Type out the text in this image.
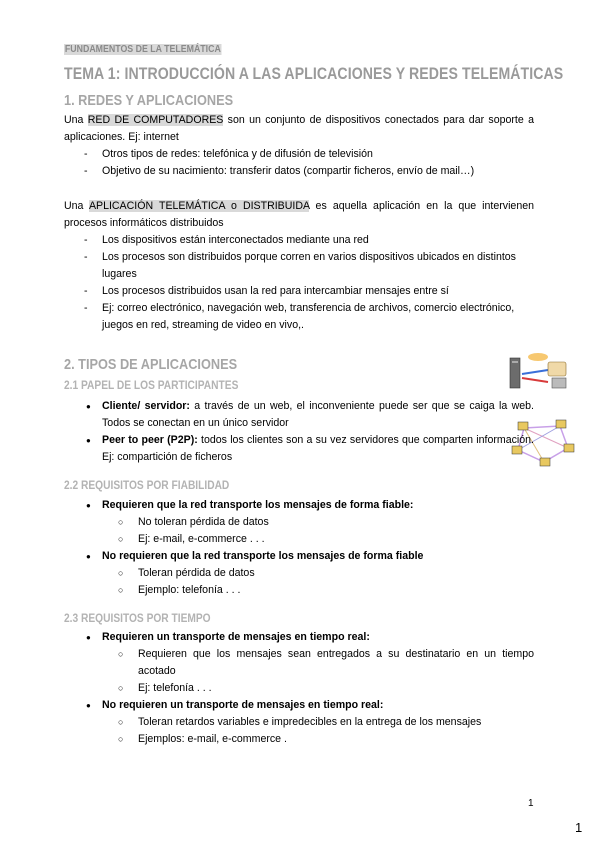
FUNDAMENTOS DE LA TELEMÁTICA
TEMA 1: INTRODUCCIÓN A LAS APLICACIONES Y REDES TELEMÁTICAS
1. REDES Y APLICACIONES
Una RED DE COMPUTADORES son un conjunto de dispositivos conectados para dar soporte a aplicaciones. Ej: internet
- Otros tipos de redes: telefónica y de difusión de televisión
- Objetivo de su nacimiento: transferir datos (compartir ficheros, envío de mail…)
Una APLICACIÓN TELEMÁTICA o DISTRIBUIDA es aquella aplicación en la que intervienen procesos informáticos distribuidos
- Los dispositivos están interconectados mediante una red
- Los procesos son distribuidos porque corren en varios dispositivos ubicados en distintos lugares
- Los procesos distribuidos usan la red para intercambiar mensajes entre sí
- Ej: correo electrónico, navegación web, transferencia de archivos, comercio electrónico, juegos en red, streaming de video en vivo,.
2. TIPOS DE APLICACIONES
2.1 PAPEL DE LOS PARTICIPANTES
● Cliente/ servidor: a través de un web, el inconveniente puede ser que se caiga la web. Todos se conectan en un único servidor
● Peer to peer (P2P): todos los clientes son a su vez servidores que comparten información. Ej: compartición de ficheros
2.2 REQUISITOS POR FIABILIDAD
● Requieren que la red transporte los mensajes de forma fiable:
○ No toleran pérdida de datos
○ Ej: e-mail, e-commerce . . .
● No requieren que la red transporte los mensajes de forma fiable
○ Toleran pérdida de datos
○ Ejemplo: telefonía . . .
2.3 REQUISITOS POR TIEMPO
● Requieren un transporte de mensajes en tiempo real:
○ Requieren que los mensajes sean entregados a su destinatario en un tiempo acotado
○ Ej: telefonía . . .
● No requieren un transporte de mensajes en tiempo real:
○ Toleran retardos variables e impredecibles en la entrega de los mensajes
○ Ejemplos: e-mail, e-commerce .
1
1
